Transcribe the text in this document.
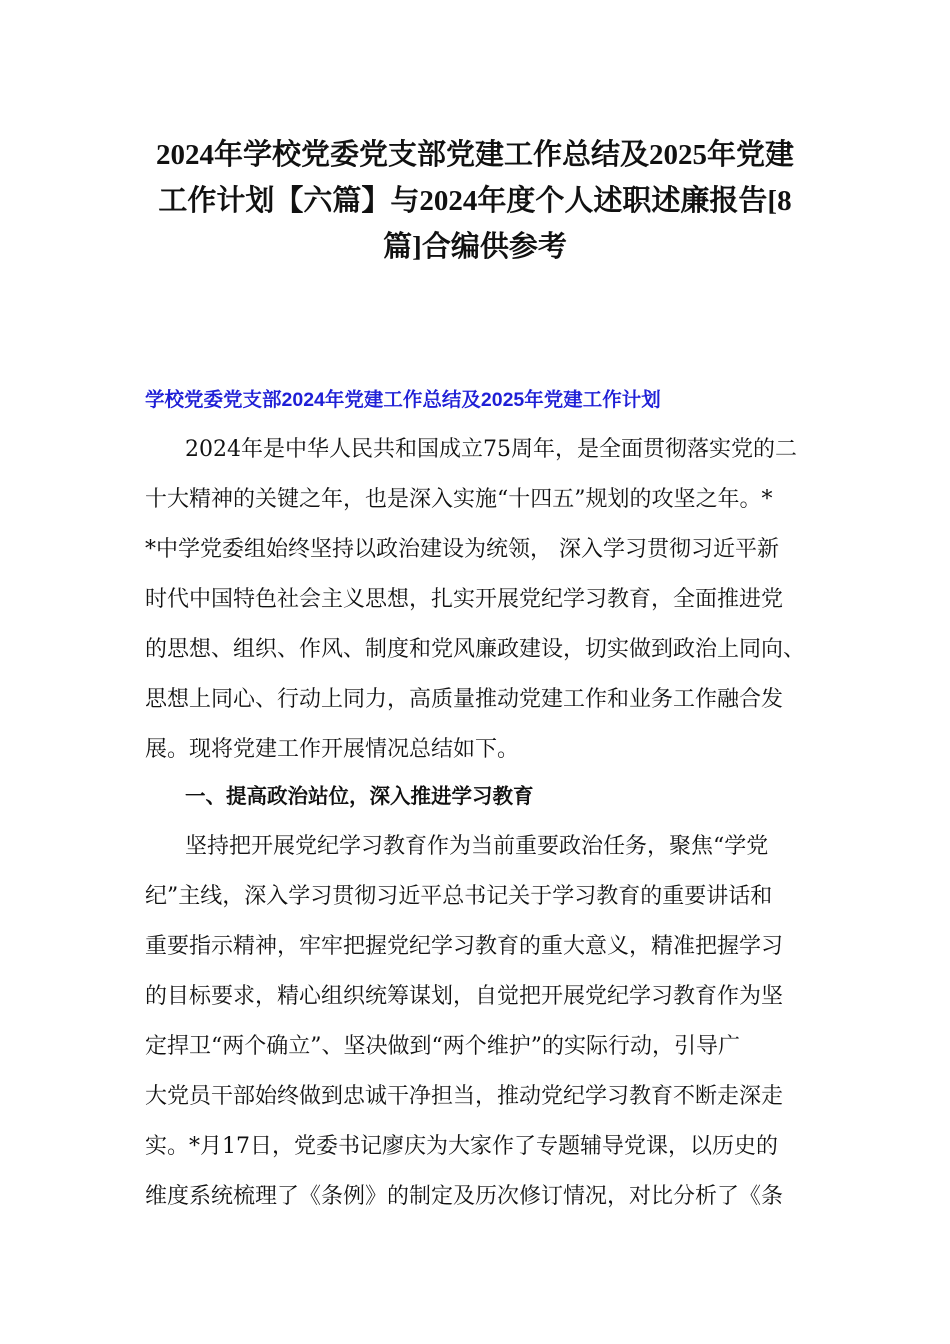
2024年学校党委党支部党建工作总结及2025年党建
工作计划【六篇】与2024年度个人述职述廉报告[8
篇]合编供参考
学校党委党支部2024年党建工作总结及2025年党建工作计划
2024年是中华人民共和国成立75周年，是全面贯彻落实党的二
十大精神的关键之年，也是深入实施“十四五”规划的攻坚之年。*
*中学党委组始终坚持以政治建设为统领， 深入学习贯彻习近平新
时代中国特色社会主义思想，扎实开展党纪学习教育，全面推进党
的思想、组织、作风、制度和党风廉政建设，切实做到政治上同向、
思想上同心、行动上同力，高质量推动党建工作和业务工作融合发
展。现将党建工作开展情况总结如下。
一、提高政治站位，深入推进学习教育
坚持把开展党纪学习教育作为当前重要政治任务，聚焦“学党
纪”主线，深入学习贯彻习近平总书记关于学习教育的重要讲话和
重要指示精神，牢牢把握党纪学习教育的重大意义，精准把握学习
的目标要求，精心组织统筹谋划，自觉把开展党纪学习教育作为坚
定捍卫“两个确立”、坚决做到“两个维护”的实际行动，引导广
大党员干部始终做到忠诚干净担当，推动党纪学习教育不断走深走
实。*月17日，党委书记廖庆为大家作了专题辅导党课，以历史的
维度系统梳理了《条例》的制定及历次修订情况，对比分析了《条
